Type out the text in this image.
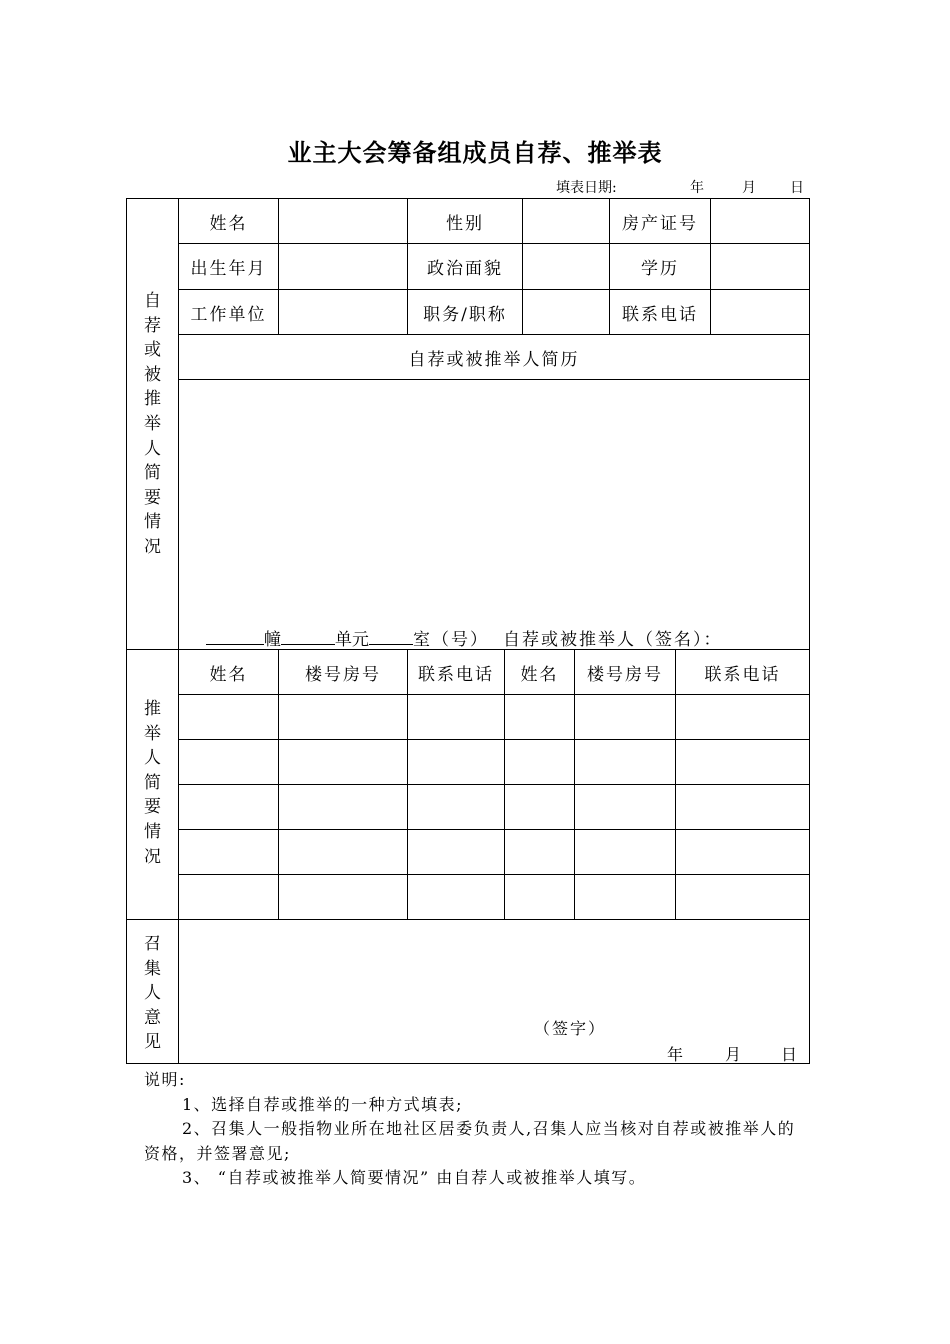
业主大会筹备组成员自荐、推举表
填表日期:	年	月 日
自
荐
或
被
推
举
人
简
要
情
况
姓名	性别	房产证号
出生年月	政治面貌	学历
工作单位	职务/职称	联系电话
自荐或被推举人简历
幢	单元	室（号） 自荐或被推举人（签名）：
推
举
人
简
要
情
况
姓名	楼号房号	联系电话	姓名	楼号房号	联系电话
召
集
人
意
见
（签字）
年	月	日

说明:

1、选择自荐或推举的一种方式填表;

2、召集人一般指物业所在地社区居委负责人,召集人应当核对自荐或被推举人的资格，并签署意见;

3、 “自荐或被推举人简要情况” 由自荐人或被推举人填写。
